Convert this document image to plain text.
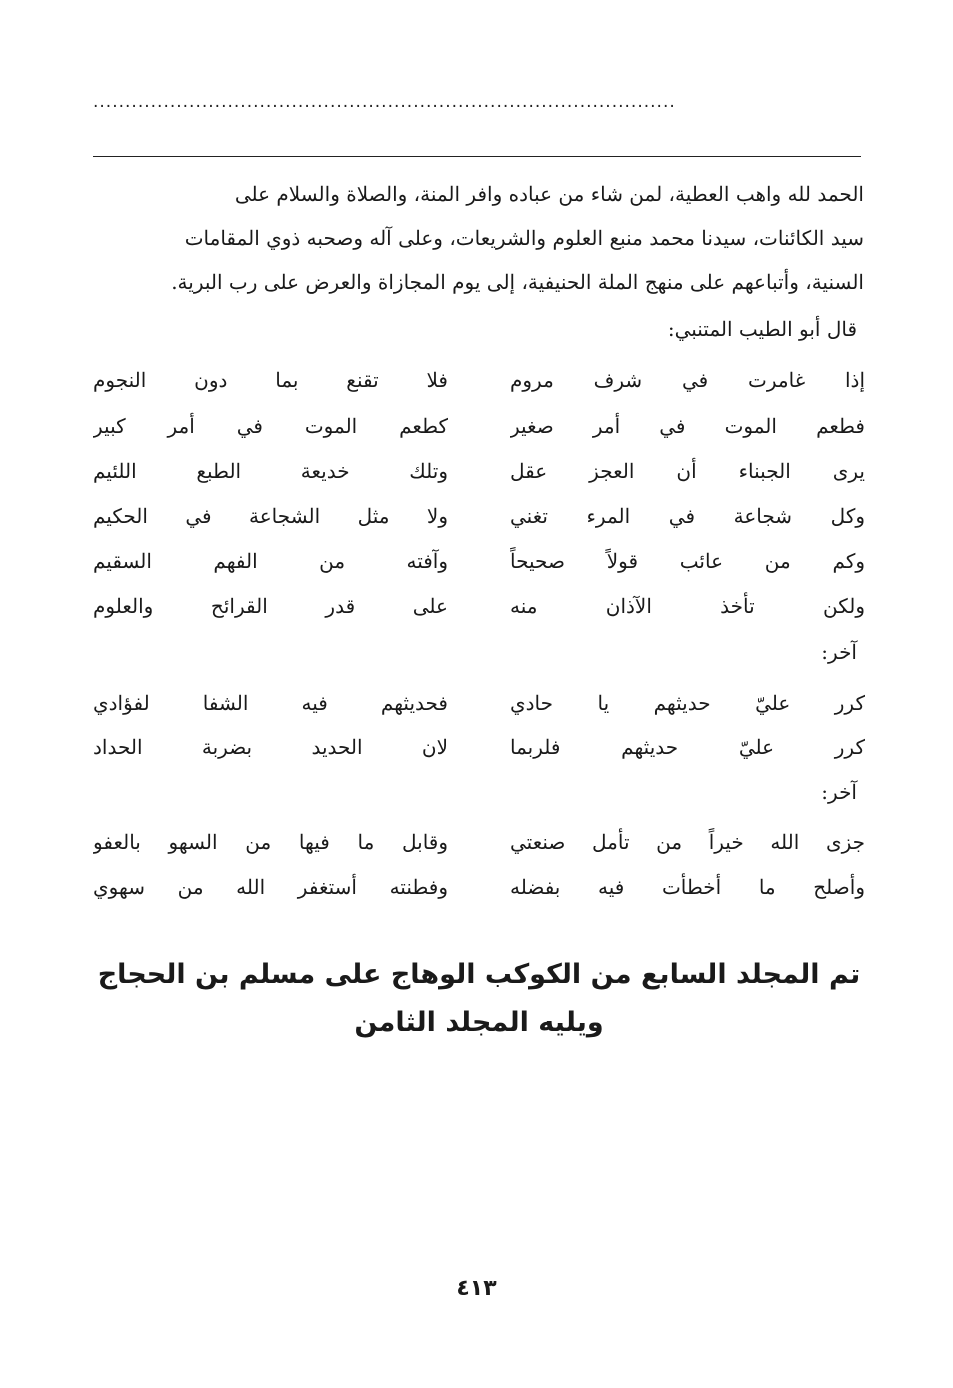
...........................................................................................
الحمد لله واهب العطية، لمن شاء من عباده وافر المنة، والصلاة والسلام على
سيد الكائنات، سيدنا محمد منبع العلوم والشريعات، وعلى آله وصحبه ذوي المقامات
السنية، وأتباعهم على منهج الملة الحنيفية، إلى يوم المجازاة والعرض على رب البرية.
قال أبو الطيب المتنبي:
إذا غامرت في شرف مروم
فلا تقنع بما دون النجوم
فطعم الموت في أمر صغير
كطعم الموت في أمر كبير
يرى الجبناء أن العجز عقل
وتلك خديعة الطبع اللئيم
وكل شجاعة في المرء تغني
ولا مثل الشجاعة في الحكيم
وكم من عائب قولاً صحيحاً
وآفته من الفهم السقيم
ولكن تأخذ الآذان منه
على قدر القرائح والعلوم
آخر:
كرر عليّ حديثهم يا حادي
فحديثهم فيه الشفا لفؤادي
كرر عليّ حديثهم فلربما
لان الحديد بضربة الحداد
آخر:
جزى الله خيراً من تأمل صنعتي
وقابل ما فيها من السهو بالعفو
وأصلح ما أخطأت فيه بفضله
وفطنته أستغفر الله من سهوي
تم المجلد السابع من الكوكب الوهاج على مسلم بن الحجاج
ويليه المجلد الثامن
٤١٣
